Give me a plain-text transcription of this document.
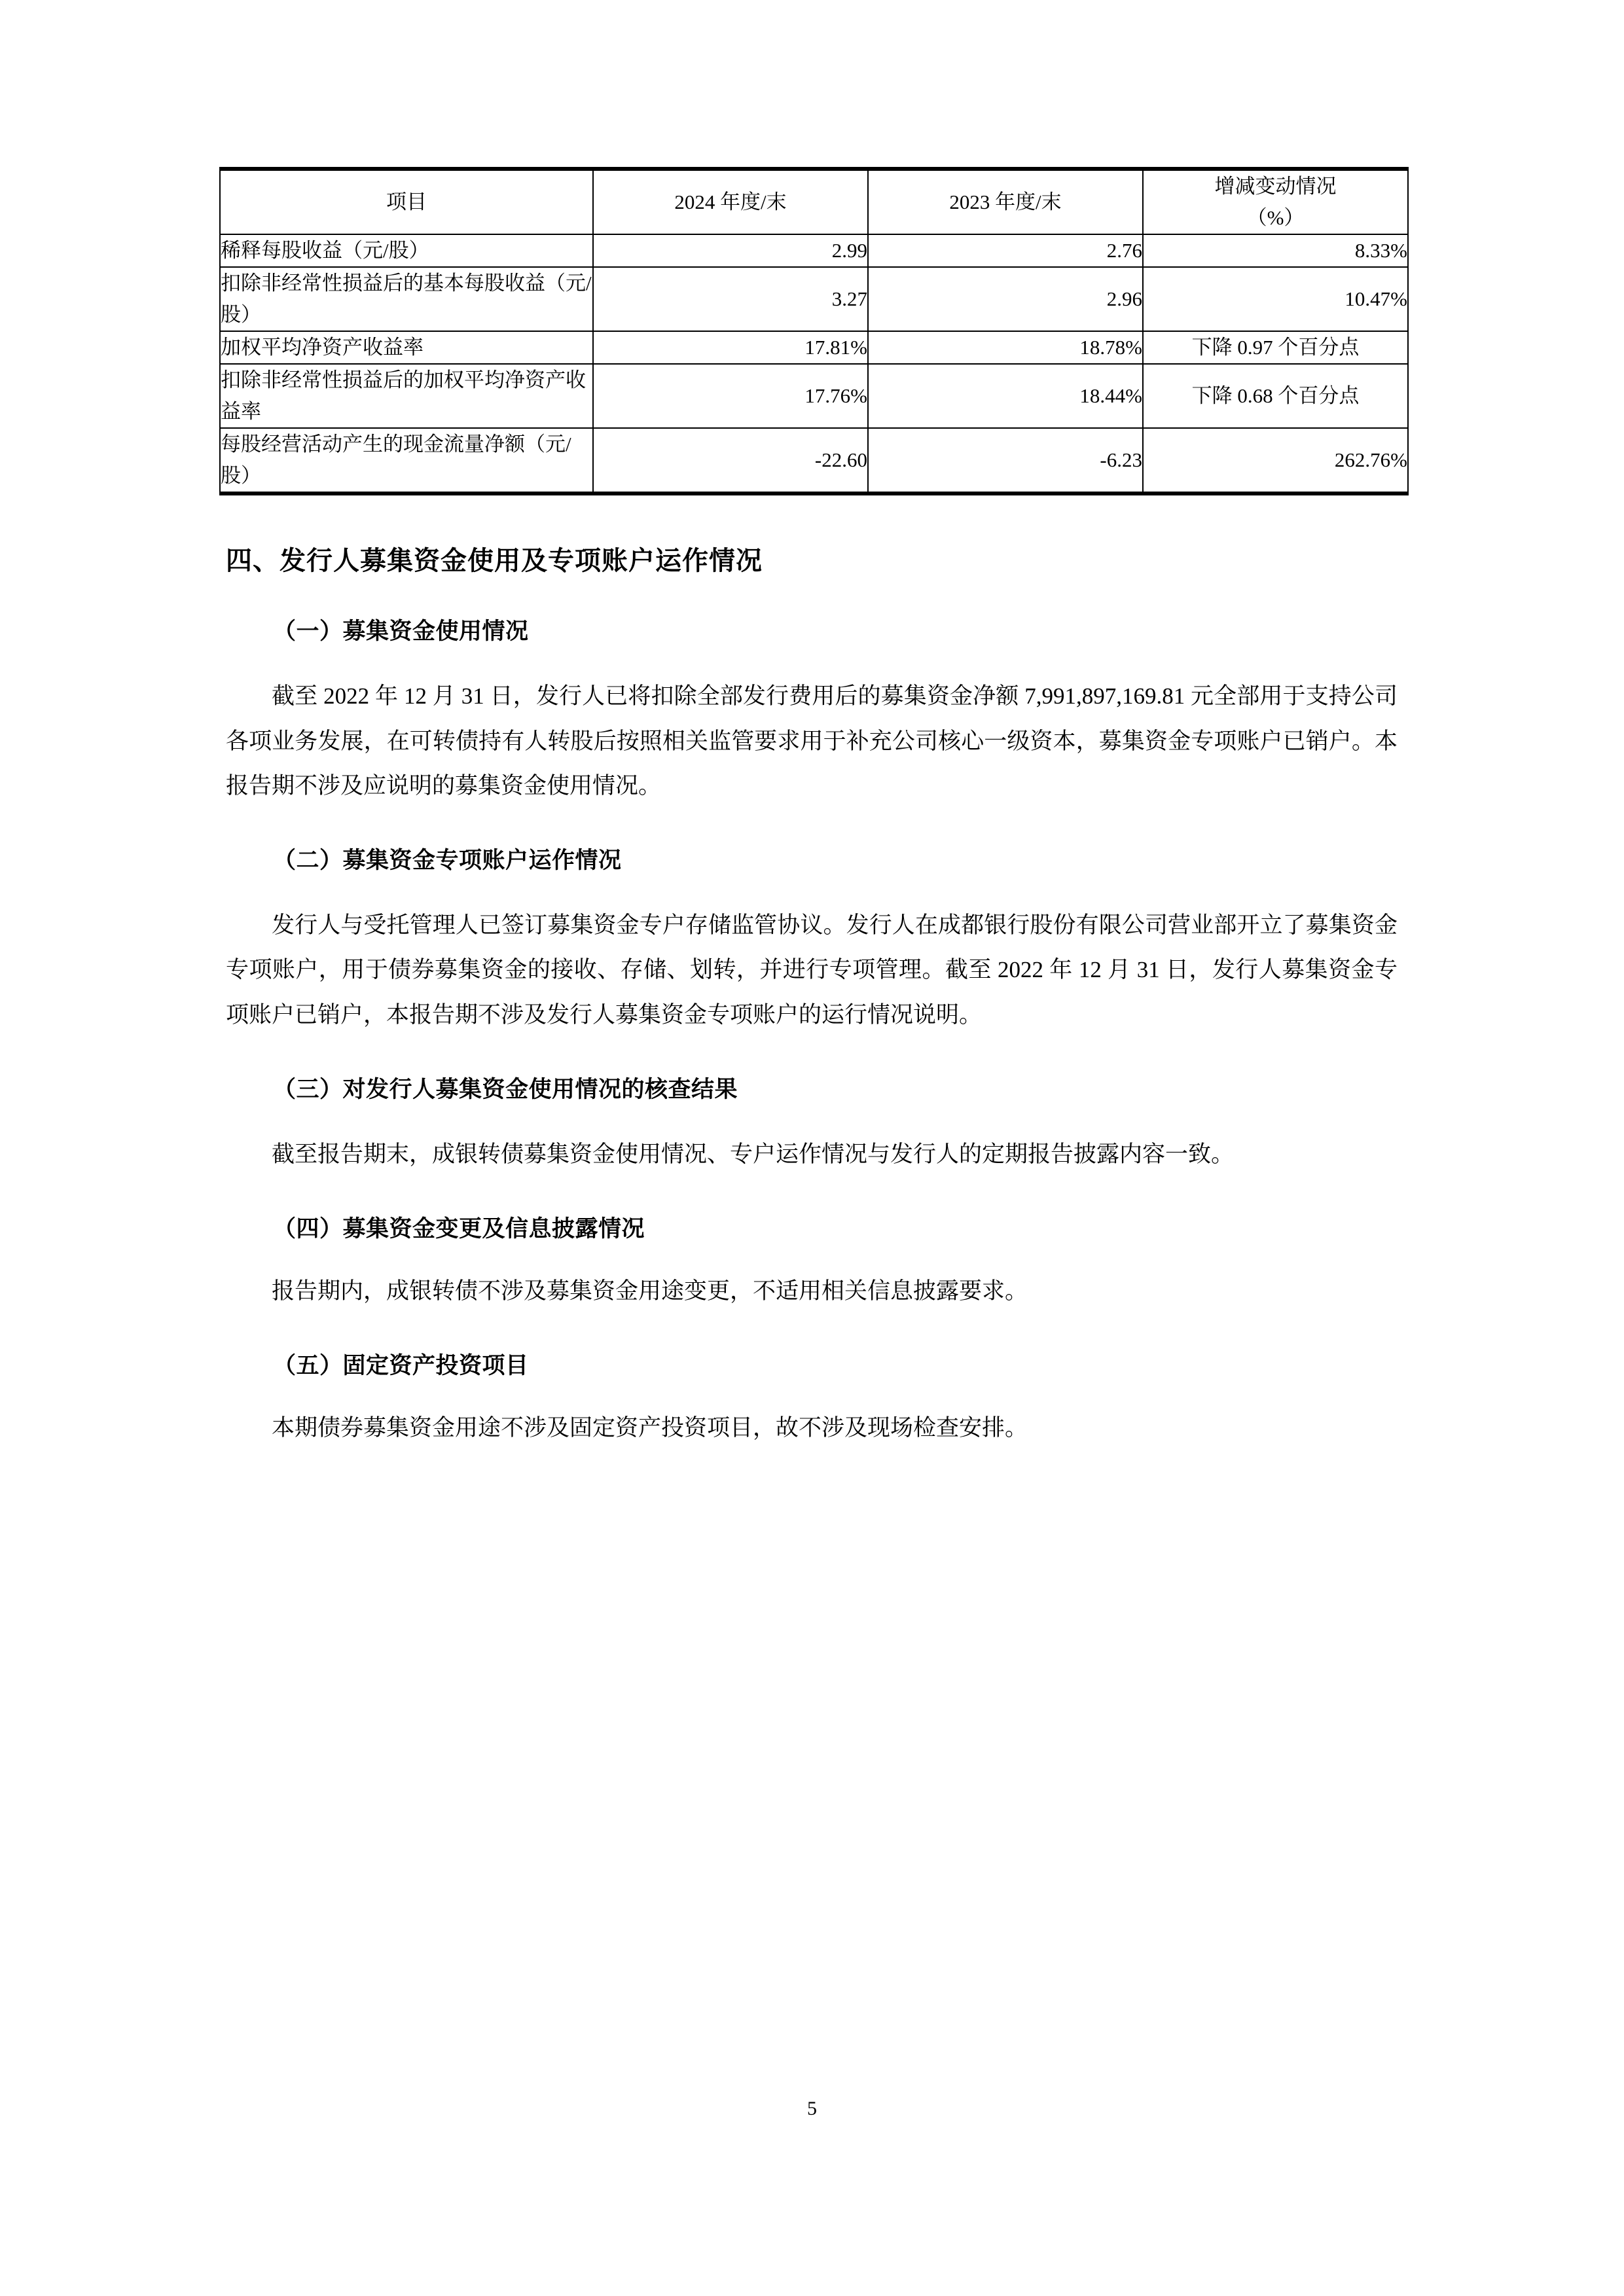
项目	2024 年度/末	2023 年度/末	增减变动情况
（%）

稀释每股收益（元/股）	2.99	2.76	8.33%
扣除非经常性损益后的基本每股收益（元/股）	3.27	2.96	10.47%
加权平均净资产收益率	17.81%	18.78%	下降 0.97 个百分点
扣除非经常性损益后的加权平均净资产收益率	17.76%	18.44%	下降 0.68 个百分点
每股经营活动产生的现金流量净额（元/股）	-22.60	-6.23	262.76%
四、发行人募集资金使用及专项账户运作情况
（一）募集资金使用情况

截至 2022 年 12 月 31 日，发行人已将扣除全部发行费用后的募集资金净额 7,991,897,169.81 元全部用于支持公司各项业务发展，在可转债持有人转股后按照相关监管要求用于补充公司核心一级资本，募集资金专项账户已销户。本报告期不涉及应说明的募集资金使用情况。

（二）募集资金专项账户运作情况

发行人与受托管理人已签订募集资金专户存储监管协议。发行人在成都银行股份有限公司营业部开立了募集资金专项账户，用于债券募集资金的接收、存储、划转，并进行专项管理。截至 2022 年 12 月 31 日，发行人募集资金专项账户已销户，本报告期不涉及发行人募集资金专项账户的运行情况说明。

（三）对发行人募集资金使用情况的核查结果

截至报告期末，成银转债募集资金使用情况、专户运作情况与发行人的定期报告披露内容一致。

（四）募集资金变更及信息披露情况

报告期内，成银转债不涉及募集资金用途变更，不适用相关信息披露要求。

（五）固定资产投资项目

本期债券募集资金用途不涉及固定资产投资项目，故不涉及现场检查安排。

5
